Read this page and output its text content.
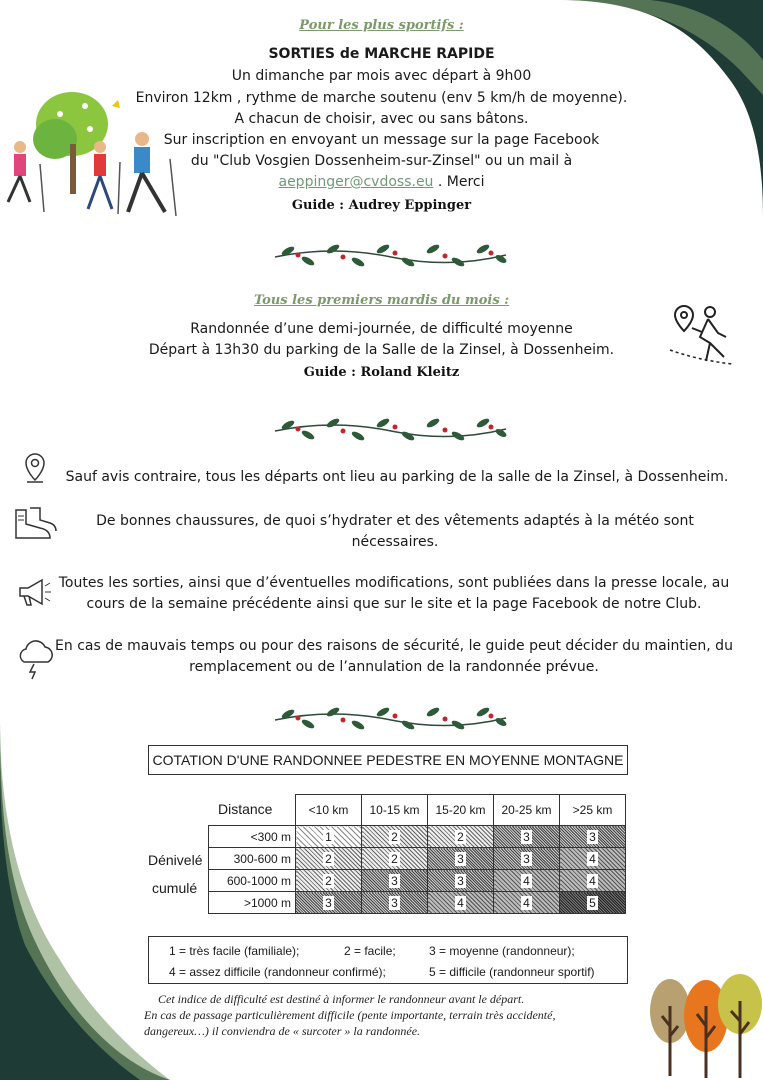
Pour les plus sportifs :
SORTIES de MARCHE RAPIDE
Un dimanche par mois avec départ à 9h00
Environ 12km , rythme de marche soutenu (env 5 km/h de moyenne).
A chacun de choisir, avec ou sans bâtons.
Sur inscription en envoyant un message sur la page Facebook
du "Club Vosgien Dossenheim-sur-Zinsel" ou un mail à
aeppinger@cvdoss.eu . Merci
Guide : Audrey Eppinger
Tous les premiers mardis du mois :
Randonnée d’une demi-journée, de difficulté moyenne
Départ à 13h30 du parking de la Salle de la Zinsel, à Dossenheim.
Guide : Roland Kleitz
Sauf avis contraire, tous les départs ont lieu au parking de la salle de la Zinsel, à Dossenheim.
De bonnes chaussures, de quoi s’hydrater et des vêtements adaptés à la météo sont nécessaires.
Toutes les sorties, ainsi que d’éventuelles modifications, sont publiées dans la presse locale, au cours de la semaine précédente ainsi que sur le site et la page Facebook de notre Club.
En cas de mauvais temps ou pour des raisons de sécurité, le guide peut décider du maintien, du remplacement ou de l’annulation de la randonnée prévue.
COTATION D'UNE RANDONNEE PEDESTRE EN MOYENNE MONTAGNE
Distance
Dénivelé
cumulé
	<10 km	10-15 km	15-20 km	20-25 km	>25 km
<300 m	1	2	2	3	3
300-600 m	2	2	3	3	4
600-1000 m	2	3	3	4	4
>1000 m	3	3	4	4	5
1 = très facile (familiale);	2 = facile;	3 = moyenne (randonneur);
4 = assez difficile (randonneur confirmé);	5 = difficile (randonneur sportif)
Cet indice de difficulté est destiné à informer le randonneur avant le départ.
En cas de passage particulièrement difficile (pente importante, terrain très accidenté,
dangereux…) il conviendra de « surcoter » la randonnée.
